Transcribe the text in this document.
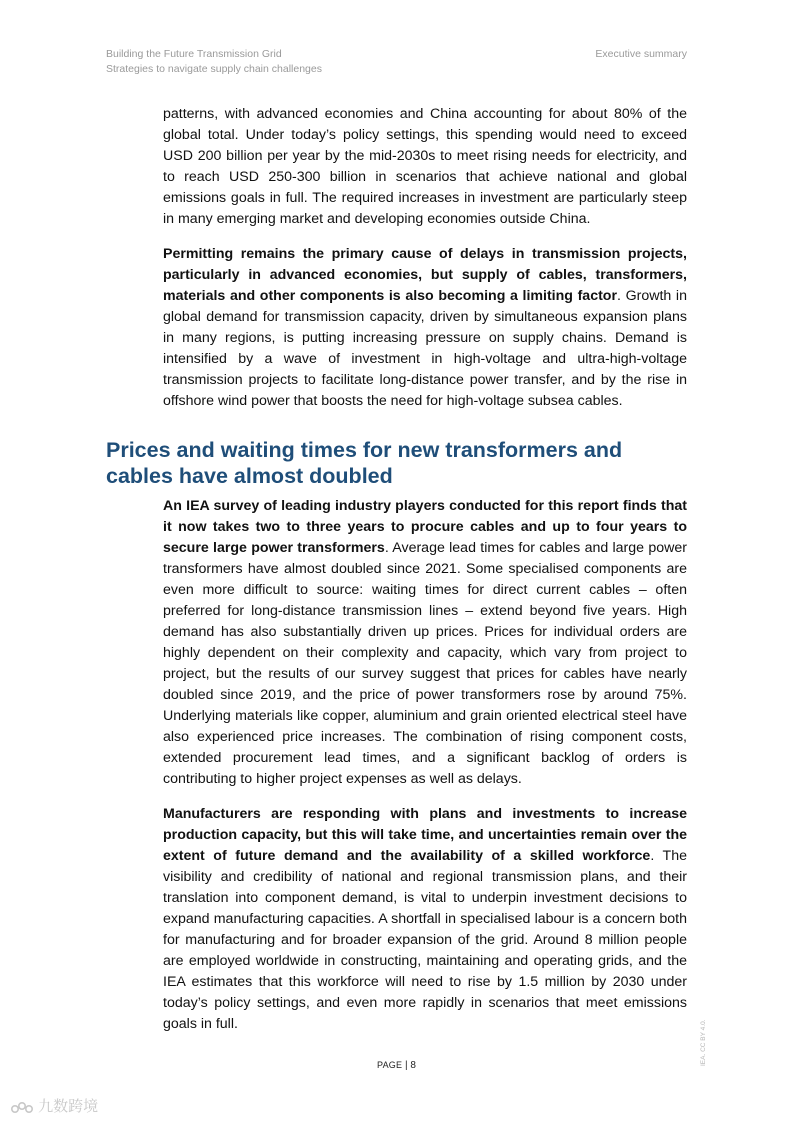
Building the Future Transmission Grid
Strategies to navigate supply chain challenges
Executive summary

patterns, with advanced economies and China accounting for about 80% of the global total. Under today’s policy settings, this spending would need to exceed USD 200 billion per year by the mid-2030s to meet rising needs for electricity, and to reach USD 250-300 billion in scenarios that achieve national and global emissions goals in full. The required increases in investment are particularly steep in many emerging market and developing economies outside China.

Permitting remains the primary cause of delays in transmission projects, particularly in advanced economies, but supply of cables, transformers, materials and other components is also becoming a limiting factor. Growth in global demand for transmission capacity, driven by simultaneous expansion plans in many regions, is putting increasing pressure on supply chains. Demand is intensified by a wave of investment in high-voltage and ultra-high-voltage transmission projects to facilitate long-distance power transfer, and by the rise in offshore wind power that boosts the need for high-voltage subsea cables.

Prices and waiting times for new transformers and cables have almost doubled

An IEA survey of leading industry players conducted for this report finds that it now takes two to three years to procure cables and up to four years to secure large power transformers. Average lead times for cables and large power transformers have almost doubled since 2021. Some specialised components are even more difficult to source: waiting times for direct current cables – often preferred for long-distance transmission lines – extend beyond five years. High demand has also substantially driven up prices. Prices for individual orders are highly dependent on their complexity and capacity, which vary from project to project, but the results of our survey suggest that prices for cables have nearly doubled since 2019, and the price of power transformers rose by around 75%. Underlying materials like copper, aluminium and grain oriented electrical steel have also experienced price increases. The combination of rising component costs, extended procurement lead times, and a significant backlog of orders is contributing to higher project expenses as well as delays.

Manufacturers are responding with plans and investments to increase production capacity, but this will take time, and uncertainties remain over the extent of future demand and the availability of a skilled workforce. The visibility and credibility of national and regional transmission plans, and their translation into component demand, is vital to underpin investment decisions to expand manufacturing capacities. A shortfall in specialised labour is a concern both for manufacturing and for broader expansion of the grid. Around 8 million people are employed worldwide in constructing, maintaining and operating grids, and the IEA estimates that this workforce will need to rise by 1.5 million by 2030 under today’s policy settings, and even more rapidly in scenarios that meet emissions goals in full.

PAGE | 8	IEA. CC BY 4.0.
九数跨境
